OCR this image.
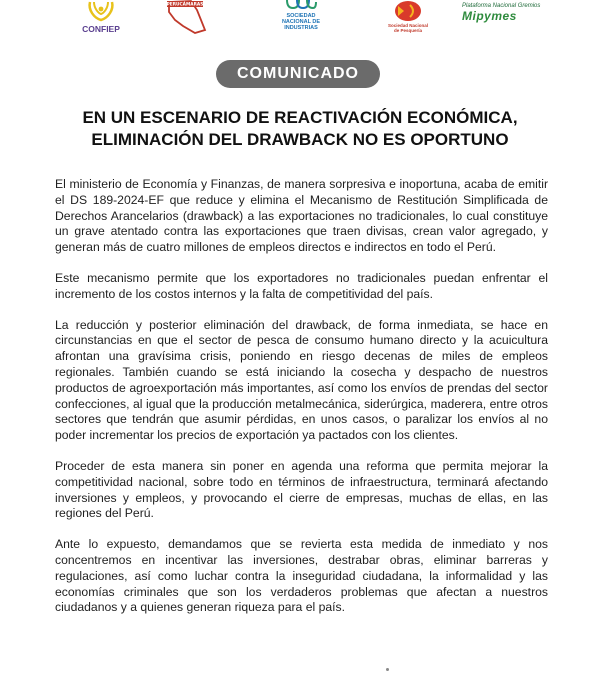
CONFIEP
PERUCÁMARAS
SOCIEDAD NACIONAL DE INDUSTRIAS	Sociedad Nacional de Pesquería
Plataforma Nacional Gremios
Mipymes
COMUNICADO
EN UN ESCENARIO DE REACTIVACIÓN ECONÓMICA,
ELIMINACIÓN DEL DRAWBACK NO ES OPORTUNO

El ministerio de Economía y Finanzas, de manera sorpresiva e inoportuna, acaba de emitir el DS 189-2024-EF que reduce y elimina el Mecanismo de Restitución Simplificada de Derechos Arancelarios (drawback) a las exportaciones no tradicionales, lo cual constituye un grave atentado contra las exportaciones que traen divisas, crean valor agregado, y generan más de cuatro millones de empleos directos e indirectos en todo el Perú.

Este mecanismo permite que los exportadores no tradicionales puedan enfrentar el incremento de los costos internos y la falta de competitividad del país.

La reducción y posterior eliminación del drawback, de forma inmediata, se hace en circunstancias en que el sector de pesca de consumo humano directo y la acuicultura afrontan una gravísima crisis, poniendo en riesgo decenas de miles de empleos regionales. También cuando se está iniciando la cosecha y despacho de nuestros productos de agroexportación más importantes, así como los envíos de prendas del sector confecciones, al igual que la producción metalmecánica, siderúrgica, maderera, entre otros sectores que tendrán que asumir pérdidas, en unos casos, o paralizar los envíos al no poder incrementar los precios de exportación ya pactados con los clientes.

Proceder de esta manera sin poner en agenda una reforma que permita mejorar la competitividad nacional, sobre todo en términos de infraestructura, terminará afectando inversiones y empleos, y provocando el cierre de empresas, muchas de ellas, en las regiones del Perú.

Ante lo expuesto, demandamos que se revierta esta medida de inmediato y nos concentremos en incentivar las inversiones, destrabar obras, eliminar barreras y regulaciones, así como luchar contra la inseguridad ciudadana, la informalidad y las economías criminales que son los verdaderos problemas que afectan a nuestros ciudadanos y a quienes generan riqueza para el país.
